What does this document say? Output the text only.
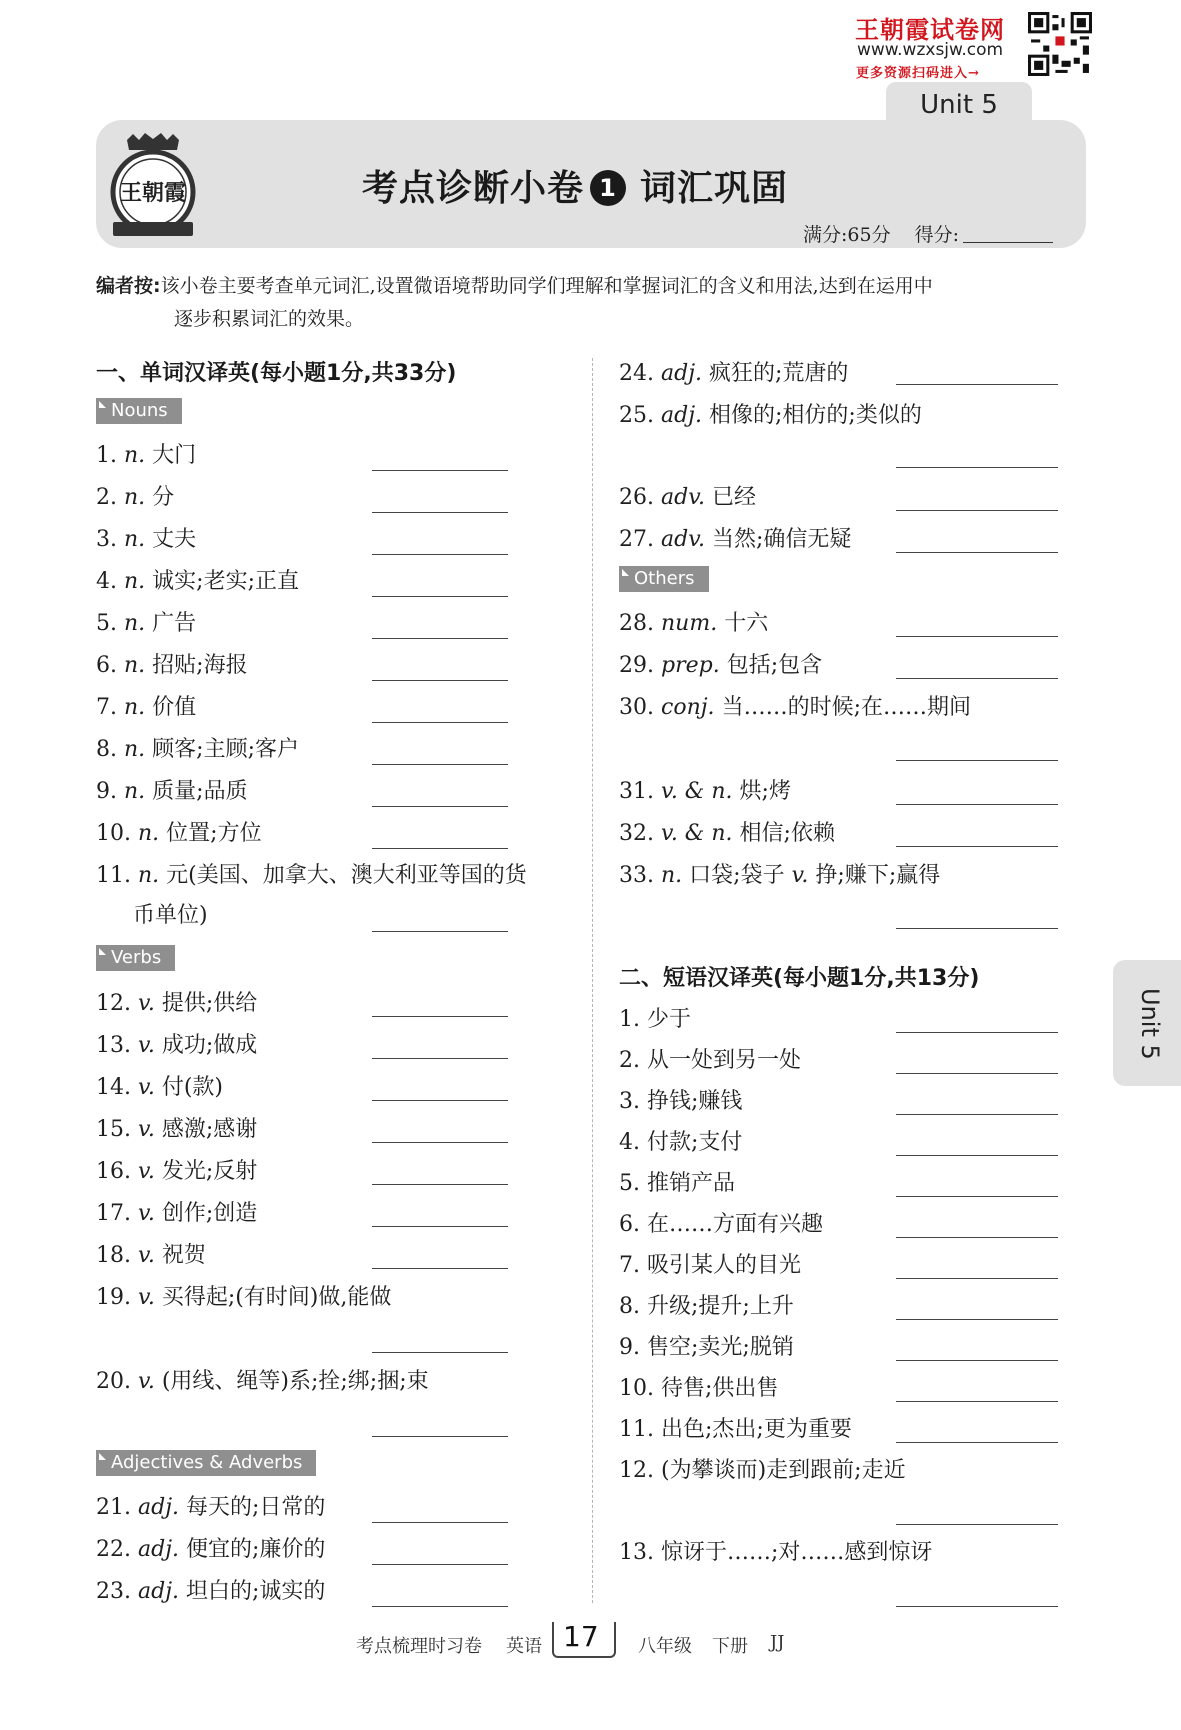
王朝霞试卷网
www.wzxsjw.com
更多资源扫码进入→
Unit 5
王朝霞	考点诊断小卷 1 词汇巩固
满分:65分 得分:
编者按:该小卷主要考查单元词汇,设置微语境帮助同学们理解和掌握词汇的含义和用法,达到在运用中
逐步积累词汇的效果。
一、单词汉译英(每小题1分,共33分)
Nouns
Verbs
Adjectives & Adverbs
Others
二、短语汉译英(每小题1分,共13分)
Unit 5
考点梳理时习卷 英语 17 八年级 下册 JJ
1. n. 大门
2. n. 分
3. n. 丈夫
4. n. 诚实;老实;正直
5. n. 广告
6. n. 招贴;海报
7. n. 价值
8. n. 顾客;主顾;客户
9. n. 质量;品质
10. n. 位置;方位
11. n. 元(美国、加拿大、澳大利亚等国的货
币单位)
12. v. 提供;供给
13. v. 成功;做成
14. v. 付(款)
15. v. 感激;感谢
16. v. 发光;反射
17. v. 创作;创造
18. v. 祝贺
19. v. 买得起;(有时间)做,能做
20. v. (用线、绳等)系;拴;绑;捆;束
21. adj. 每天的;日常的
22. adj. 便宜的;廉价的
23. adj. 坦白的;诚实的
24. adj. 疯狂的;荒唐的
25. adj. 相像的;相仿的;类似的
26. adv. 已经
27. adv. 当然;确信无疑
28. num. 十六
29. prep. 包括;包含
30. conj. 当……的时候;在……期间
31. v. & n. 烘;烤
32. v. & n. 相信;依赖
33. n. 口袋;袋子 v. 挣;赚下;赢得
1. 少于
2. 从一处到另一处
3. 挣钱;赚钱
4. 付款;支付
5. 推销产品
6. 在……方面有兴趣
7. 吸引某人的目光
8. 升级;提升;上升
9. 售空;卖光;脱销
10. 待售;供出售
11. 出色;杰出;更为重要
12. (为攀谈而)走到跟前;走近
13. 惊讶于……;对……感到惊讶
